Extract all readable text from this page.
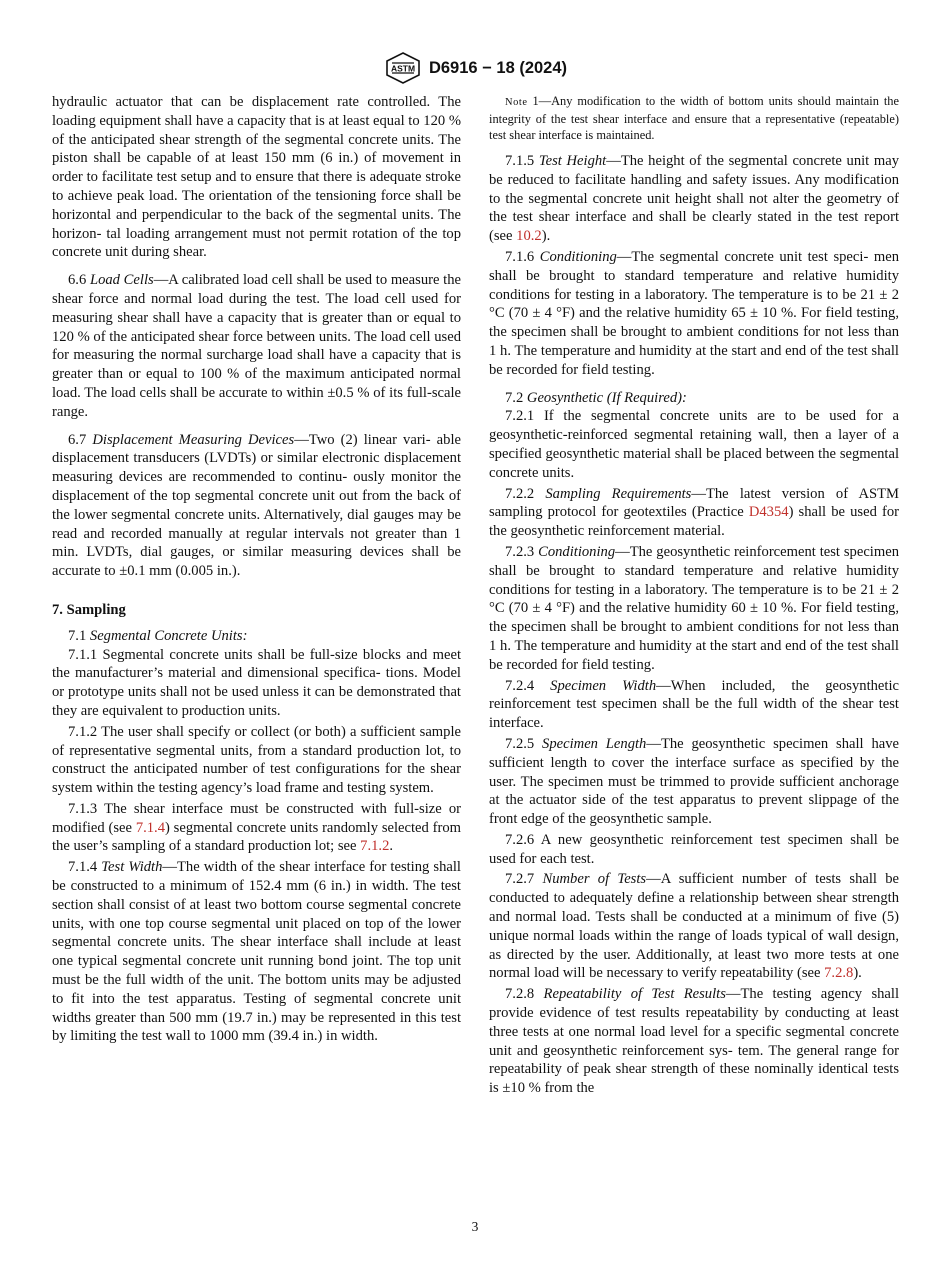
ASTM D6916 − 18 (2024)

hydraulic actuator that can be displacement rate controlled. The loading equipment shall have a capacity that is at least equal to 120 % of the anticipated shear strength of the segmental concrete units. The piston shall be capable of at least 150 mm (6 in.) of movement in order to facilitate test setup and to ensure that there is adequate stroke to achieve peak load. The orientation of the tensioning force shall be horizontal and perpendicular to the back of the segmental units. The horizon- tal loading arrangement must not permit rotation of the top concrete unit during shear.

6.6 Load Cells—A calibrated load cell shall be used to measure the shear force and normal load during the test. The load cell used for measuring shear shall have a capacity that is greater than or equal to 120 % of the anticipated shear force between units. The load cell used for measuring the normal surcharge load shall have a capacity that is greater than or equal to 100 % of the maximum anticipated normal load. The load cells shall be accurate to within ±0.5 % of its full-scale range.

6.7 Displacement Measuring Devices—Two (2) linear vari- able displacement transducers (LVDTs) or similar electronic displacement measuring devices are recommended to continu- ously monitor the displacement of the top segmental concrete unit out from the back of the lower segmental concrete units. Alternatively, dial gauges may be read and recorded manually at regular intervals not greater than 1 min. LVDTs, dial gauges, or similar measuring devices shall be accurate to ±0.1 mm (0.005 in.).

7. Sampling

7.1 Segmental Concrete Units:

7.1.1 Segmental concrete units shall be full-size blocks and meet the manufacturer’s material and dimensional specifica- tions. Model or prototype units shall not be used unless it can be demonstrated that they are equivalent to production units.

7.1.2 The user shall specify or collect (or both) a sufficient sample of representative segmental units, from a standard production lot, to construct the anticipated number of test configurations for the shear system within the testing agency’s load frame and testing system.

7.1.3 The shear interface must be constructed with full-size or modified (see 7.1.4) segmental concrete units randomly selected from the user’s sampling of a standard production lot; see 7.1.2.

7.1.4 Test Width—The width of the shear interface for testing shall be constructed to a minimum of 152.4 mm (6 in.) in width. The test section shall consist of at least two bottom course segmental concrete units, with one top course segmental unit placed on top of the lower segmental concrete units. The shear interface shall include at least one typical segmental concrete unit running bond joint. The top unit must be the full width of the unit. The bottom units may be adjusted to fit into the test apparatus. Testing of segmental concrete unit widths greater than 500 mm (19.7 in.) may be represented in this test by limiting the test wall to 1000 mm (39.4 in.) in width.

Note 1—Any modification to the width of bottom units should maintain the integrity of the test shear interface and ensure that a representative (repeatable) test shear interface is maintained.

7.1.5 Test Height—The height of the segmental concrete unit may be reduced to facilitate handling and safety issues. Any modification to the segmental concrete unit height shall not alter the geometry of the test shear interface and shall be clearly stated in the test report (see 10.2).

7.1.6 Conditioning—The segmental concrete unit test speci- men shall be brought to standard temperature and relative humidity conditions for testing in a laboratory. The temperature is to be 21 ± 2 °C (70 ± 4 °F) and the relative humidity 65 ± 10 %. For field testing, the specimen shall be brought to ambient conditions for not less than 1 h. The temperature and humidity at the start and end of the test shall be recorded for field testing.

7.2 Geosynthetic (If Required):

7.2.1 If the segmental concrete units are to be used for a geosynthetic-reinforced segmental retaining wall, then a layer of a specified geosynthetic material shall be placed between the segmental concrete units.

7.2.2 Sampling Requirements—The latest version of ASTM sampling protocol for geotextiles (Practice D4354) shall be used for the geosynthetic reinforcement material.

7.2.3 Conditioning—The geosynthetic reinforcement test specimen shall be brought to standard temperature and relative humidity conditions for testing in a laboratory. The temperature is to be 21 ± 2 °C (70 ± 4 °F) and the relative humidity 60 ± 10 %. For field testing, the specimen shall be brought to ambient conditions for not less than 1 h. The temperature and humidity at the start and end of the test shall be recorded for field testing.

7.2.4 Specimen Width—When included, the geosynthetic reinforcement test specimen shall be the full width of the shear test interface.

7.2.5 Specimen Length—The geosynthetic specimen shall have sufficient length to cover the interface surface as specified by the user. The specimen must be trimmed to provide sufficient anchorage at the actuator side of the test apparatus to prevent slippage of the front edge of the geosynthetic sample.

7.2.6 A new geosynthetic reinforcement test specimen shall be used for each test.

7.2.7 Number of Tests—A sufficient number of tests shall be conducted to adequately define a relationship between shear strength and normal load. Tests shall be conducted at a minimum of five (5) unique normal loads within the range of loads typical of wall design, as directed by the user. Additionally, at least two more tests at one normal load will be necessary to verify repeatability (see 7.2.8).

7.2.8 Repeatability of Test Results—The testing agency shall provide evidence of test results repeatability by conducting at least three tests at one normal load level for a specific segmental concrete unit and geosynthetic reinforcement sys- tem. The general range for repeatability of peak shear strength of these nominally identical tests is ±10 % from the

3
